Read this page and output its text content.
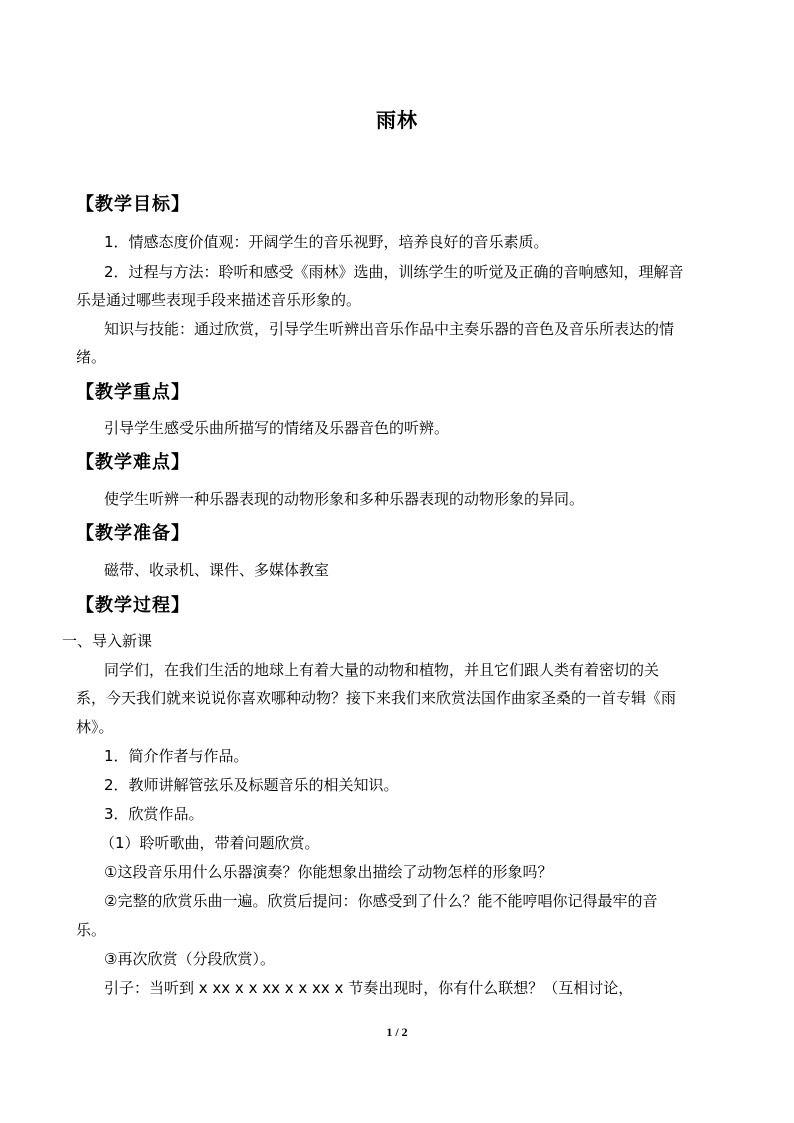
雨林
【教学目标】
1．情感态度价值观：开阔学生的音乐视野，培养良好的音乐素质。
2．过程与方法：聆听和感受《雨林》选曲，训练学生的听觉及正确的音响感知，理解音
乐是通过哪些表现手段来描述音乐形象的。
知识与技能：通过欣赏，引导学生听辨出音乐作品中主奏乐器的音色及音乐所表达的情
绪。
【教学重点】
引导学生感受乐曲所描写的情绪及乐器音色的听辨。
【教学难点】
使学生听辨一种乐器表现的动物形象和多种乐器表现的动物形象的异同。
【教学准备】
磁带、收录机、课件、多媒体教室
【教学过程】
一、导入新课
同学们，在我们生活的地球上有着大量的动物和植物，并且它们跟人类有着密切的关
系，今天我们就来说说你喜欢哪种动物？接下来我们来欣赏法国作曲家圣桑的一首专辑《雨
林》。
1．简介作者与作品。
2．教师讲解管弦乐及标题音乐的相关知识。
3．欣赏作品。
（1）聆听歌曲，带着问题欣赏。
①这段音乐用什么乐器演奏？你能想象出描绘了动物怎样的形象吗？
②完整的欣赏乐曲一遍。欣赏后提问：你感受到了什么？能不能哼唱你记得最牢的音
乐。
③再次欣赏（分段欣赏）。
引子：当听到 x xx x x xx x x xx x 节奏出现时，你有什么联想？（互相讨论，
1 / 2
